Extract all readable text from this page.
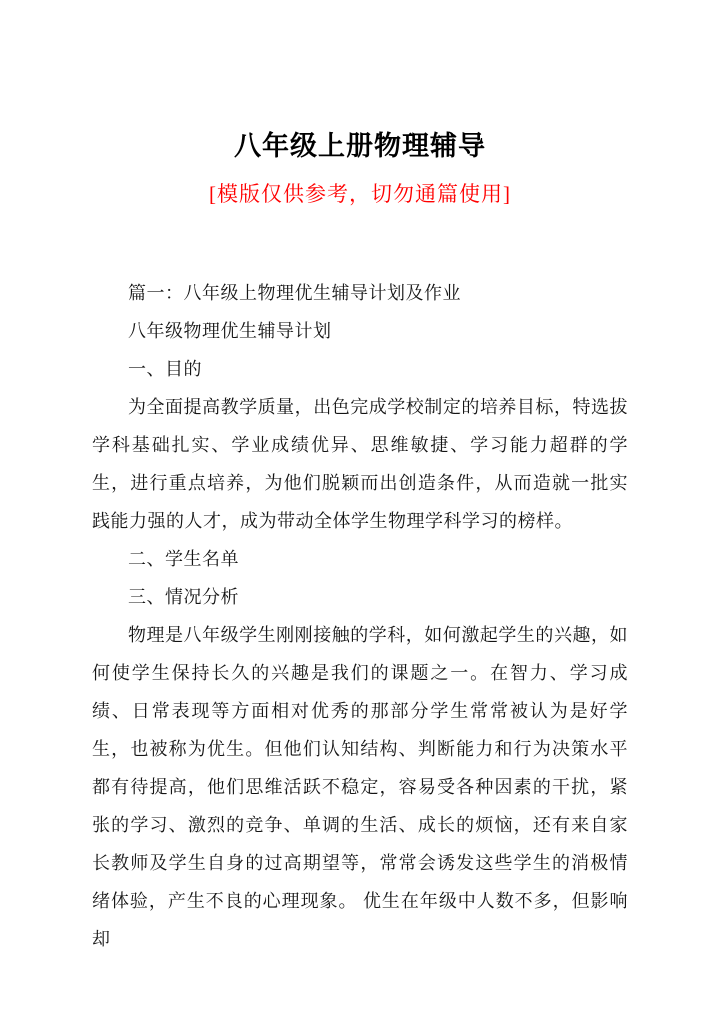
八年级上册物理辅导
[模版仅供参考，切勿通篇使用]

篇一：八年级上物理优生辅导计划及作业

八年级物理优生辅导计划

一、目的

为全面提高教学质量，出色完成学校制定的培养目标，特选拔学科基础扎实、学业成绩优异、思维敏捷、学习能力超群的学生，进行重点培养，为他们脱颖而出创造条件，从而造就一批实践能力强的人才，成为带动全体学生物理学科学习的榜样。

二、学生名单

三、情况分析

物理是八年级学生刚刚接触的学科，如何激起学生的兴趣，如何使学生保持长久的兴趣是我们的课题之一。在智力、学习成绩、日常表现等方面相对优秀的那部分学生常常被认为是好学生，也被称为优生。但他们认知结构、判断能力和行为决策水平都有待提高，他们思维活跃不稳定，容易受各种因素的干扰，紧张的学习、激烈的竞争、单调的生活、成长的烦恼，还有来自家长教师及学生自身的过高期望等，常常会诱发这些学生的消极情绪体验，产生不良的心理现象。 优生在年级中人数不多，但影响却
